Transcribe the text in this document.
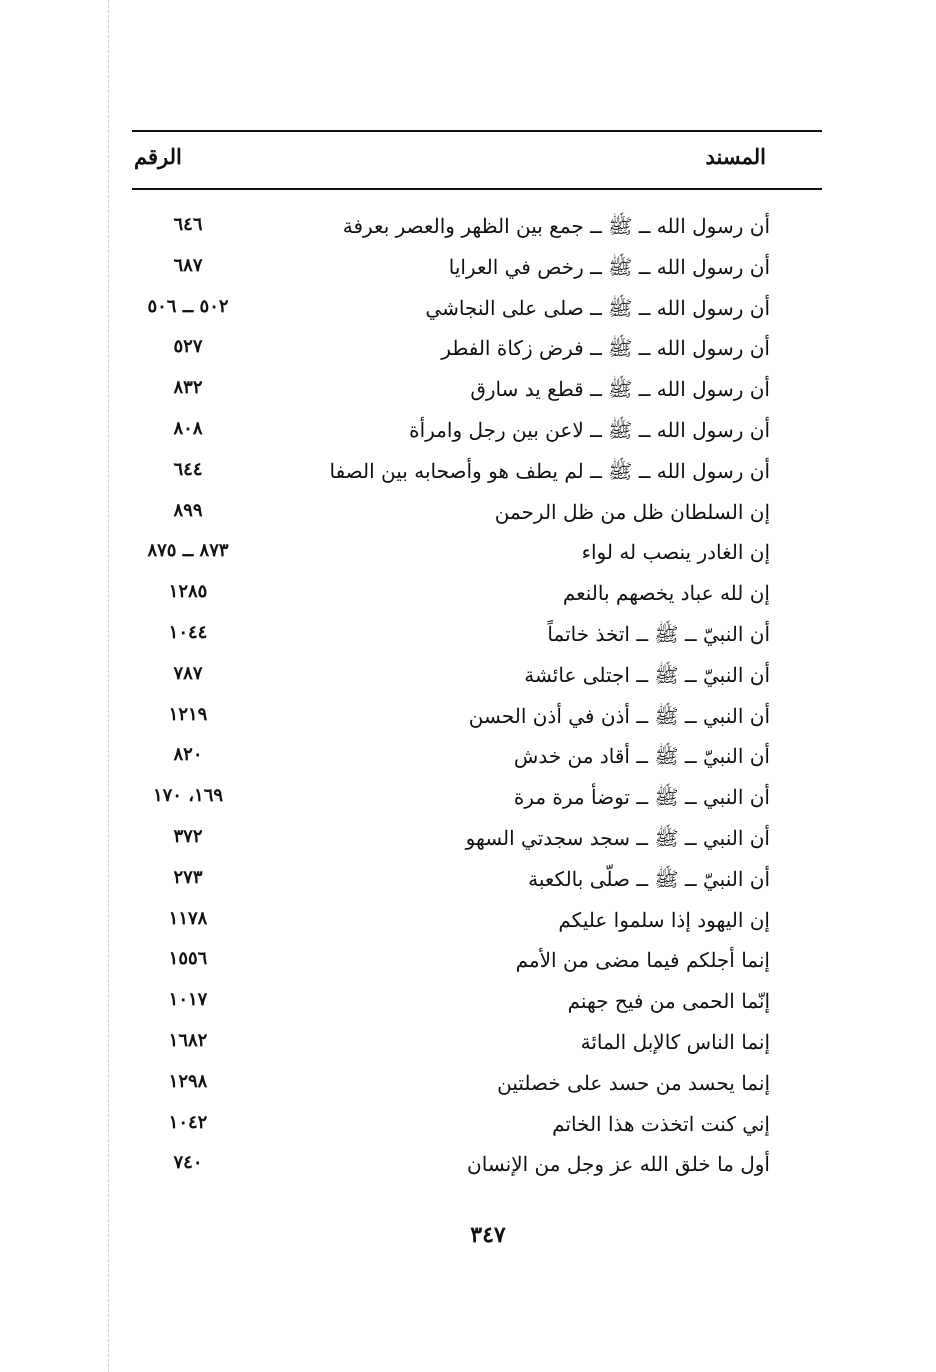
المسند
الرقم
أن رسول الله ــ ﷺ ــ جمع بين الظهر والعصر بعرفة
٦٤٦
أن رسول الله ــ ﷺ ــ رخص في العرايا
٦٨٧
أن رسول الله ــ ﷺ ــ صلى على النجاشي
٥٠٢ ــ ٥٠٦
أن رسول الله ــ ﷺ ــ فرض زكاة الفطر
٥٢٧
أن رسول الله ــ ﷺ ــ قطع يد سارق
٨٣٢
أن رسول الله ــ ﷺ ــ لاعن بين رجل وامرأة
٨٠٨
أن رسول الله ــ ﷺ ــ لم يطف هو وأصحابه بين الصفا
٦٤٤
إن السلطان ظل من ظل الرحمن
٨٩٩
إن الغادر ينصب له لواء
٨٧٣ ــ ٨٧٥
إن لله عباد يخصهم بالنعم
١٢٨٥
أن النبيّ ــ ﷺ ــ اتخذ خاتماً
١٠٤٤
أن النبيّ ــ ﷺ ــ اجتلى عائشة
٧٨٧
أن النبي ــ ﷺ ــ أذن في أذن الحسن
١٢١٩
أن النبيّ ــ ﷺ ــ أقاد من خدش
٨٢٠
أن النبي ــ ﷺ ــ توضأ مرة مرة
١٦٩، ١٧٠
أن النبي ــ ﷺ ــ سجد سجدتي السهو
٣٧٢
أن النبيّ ــ ﷺ ــ صلّى بالكعبة
٢٧٣
إن اليهود إذا سلموا عليكم
١١٧٨
إنما أجلكم فيما مضى من الأمم
١٥٥٦
إنّما الحمى من فيح جهنم
١٠١٧
إنما الناس كالإبل المائة
١٦٨٢
إنما يحسد من حسد على خصلتين
١٢٩٨
إني كنت اتخذت هذا الخاتم
١٠٤٢
أول ما خلق الله عز وجل من الإنسان
٧٤٠
٣٤٧
